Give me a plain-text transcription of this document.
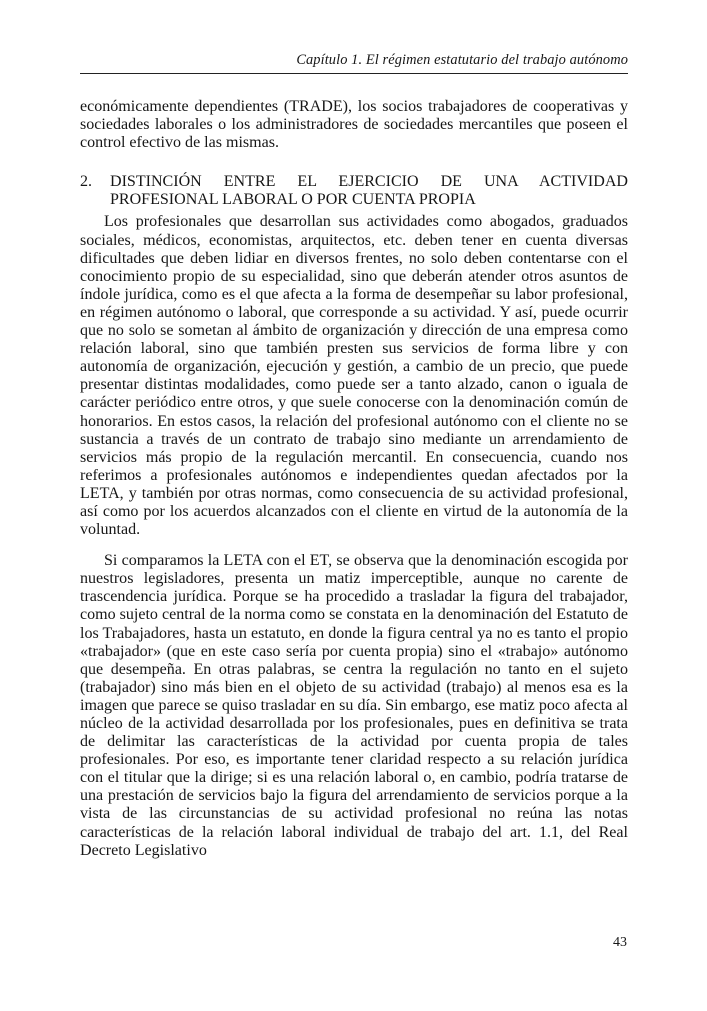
Capítulo 1. El régimen estatutario del trabajo autónomo

económicamente dependientes (TRADE), los socios trabajadores de cooperativas y sociedades laborales o los administradores de sociedades mercantiles que poseen el control efectivo de las mismas.

2.	DISTINCIÓN ENTRE EL EJERCICIO DE UNA ACTIVIDAD PROFESIONAL LABORAL O POR CUENTA PROPIA

Los profesionales que desarrollan sus actividades como abogados, graduados sociales, médicos, economistas, arquitectos, etc. deben tener en cuenta diversas dificultades que deben lidiar en diversos frentes, no solo deben contentarse con el conocimiento propio de su especialidad, sino que deberán atender otros asuntos de índole jurídica, como es el que afecta a la forma de desempeñar su labor profesional, en régimen autónomo o laboral, que corresponde a su actividad. Y así, puede ocurrir que no solo se sometan al ámbito de organización y dirección de una empresa como relación laboral, sino que también presten sus servicios de forma libre y con autonomía de organización, ejecución y gestión, a cambio de un precio, que puede presentar distintas modalidades, como puede ser a tanto alzado, canon o iguala de carácter periódico entre otros, y que suele conocerse con la denominación común de honorarios. En estos casos, la relación del profesional autónomo con el cliente no se sustancia a través de un contrato de trabajo sino mediante un arrendamiento de servicios más propio de la regulación mercantil. En consecuencia, cuando nos referimos a profesionales autónomos e independientes quedan afectados por la LETA, y también por otras normas, como consecuencia de su actividad profesional, así como por los acuerdos alcanzados con el cliente en virtud de la autonomía de la voluntad.

Si comparamos la LETA con el ET, se observa que la denominación escogida por nuestros legisladores, presenta un matiz imperceptible, aunque no carente de trascendencia jurídica. Porque se ha procedido a trasladar la figura del trabajador, como sujeto central de la norma como se constata en la denominación del Estatuto de los Trabajadores, hasta un estatuto, en donde la figura central ya no es tanto el propio «trabajador» (que en este caso sería por cuenta propia) sino el «trabajo» autónomo que desempeña. En otras palabras, se centra la regulación no tanto en el sujeto (trabajador) sino más bien en el objeto de su actividad (trabajo) al menos esa es la imagen que parece se quiso trasladar en su día. Sin embargo, ese matiz poco afecta al núcleo de la actividad desarrollada por los profesionales, pues en definitiva se trata de delimitar las características de la actividad por cuenta propia de tales profesionales. Por eso, es importante tener claridad respecto a su relación jurídica con el titular que la dirige; si es una relación laboral o, en cambio, podría tratarse de una prestación de servicios bajo la figura del arrendamiento de servicios porque a la vista de las circunstancias de su actividad profesional no reúna las notas características de la relación laboral individual de trabajo del art. 1.1, del Real Decreto Legislativo

43
